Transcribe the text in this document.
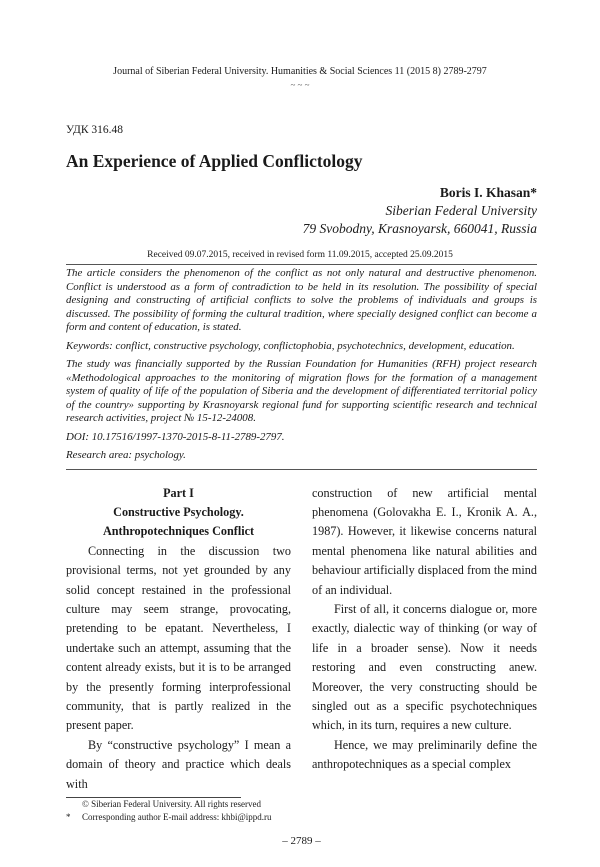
Journal of Siberian Federal University. Humanities & Social Sciences 11 (2015 8) 2789-2797
~ ~ ~
УДК 316.48
An Experience of Applied Conflictology
Boris I. Khasan*
Siberian Federal University
79 Svobodny, Krasnoyarsk, 660041, Russia
Received 09.07.2015, received in revised form 11.09.2015, accepted 25.09.2015

The article considers the phenomenon of the conflict as not only natural and destructive phenomenon. Conflict is understood as a form of contradiction to be held in its resolution. The possibility of special designing and constructing of artificial conflicts to solve the problems of individuals and groups is discussed. The possibility of forming the cultural tradition, where specially designed conflict can become a form and content of education, is stated.

Keywords: conflict, constructive psychology, conflictophobia, psychotechnics, development, education.

The study was financially supported by the Russian Foundation for Humanities (RFH) project research «Methodological approaches to the monitoring of migration flows for the formation of a management system of quality of life of the population of Siberia and the development of differentiated territorial policy of the country» supporting by Krasnoyarsk regional fund for supporting scientific research and technical research activities, project № 15-12-24008.

DOI: 10.17516/1997-1370-2015-8-11-2789-2797.

Research area: psychology.

Part I

Constructive Psychology.

Anthropotechniques Conflict

Connecting in the discussion two provisional terms, not yet grounded by any solid concept restained in the professional culture may seem strange, provocating, pretending to be epatant. Nevertheless, I undertake such an attempt, assuming that the content already exists, but it is to be arranged by the presently forming interprofessional community, that is partly realized in the present paper.

By “constructive psychology” I mean a domain of theory and practice which deals with

construction of new artificial mental phenomena (Golovakha E. I., Kronik A. A., 1987). However, it likewise concerns natural mental phenomena like natural abilities and behaviour artificially displaced from the mind of an individual.

First of all, it concerns dialogue or, more exactly, dialectic way of thinking (or way of life in a broader sense). Now it needs restoring and even constructing anew. Moreover, the very constructing should be singled out as a specific psychotechniques which, in its turn, requires a new culture.

Hence, we may preliminarily define the anthropotechniques as a special complex

© Siberian Federal University. All rights reserved
* Corresponding author E-mail address: khbi@ippd.ru
– 2789 –
